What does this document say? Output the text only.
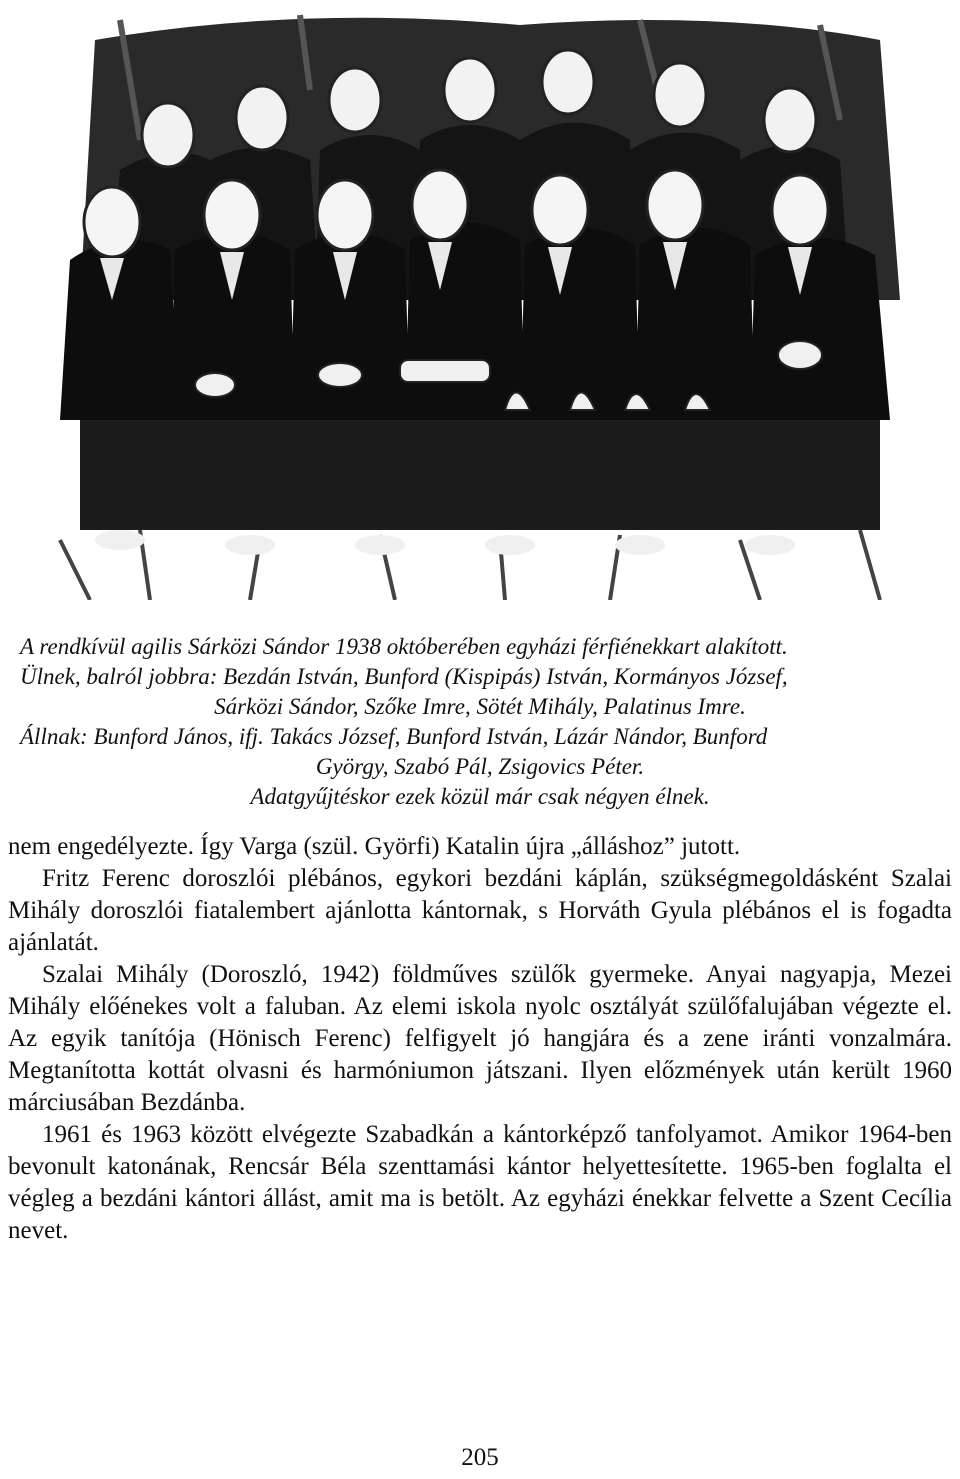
A rendkívül agilis Sárközi Sándor 1938 októberében egyházi férfiénekkart alakított.
Ülnek, balról jobbra: Bezdán István, Bunford (Kispipás) István, Kormányos József,
Sárközi Sándor, Szőke Imre, Sötét Mihály, Palatinus Imre.
Állnak: Bunford János, ifj. Takács József, Bunford István, Lázár Nándor, Bunford
György, Szabó Pál, Zsigovics Péter.
Adatgyűjtéskor ezek közül már csak négyen élnek.

nem engedélyezte. Így Varga (szül. Györfi) Katalin újra „álláshoz” jutott.

Fritz Ferenc doroszlói plébános, egykori bezdáni káplán, szükségmegoldásként Szalai Mihály doroszlói fiatalembert ajánlotta kántornak, s Horváth Gyula plébános el is fogadta ajánlatát.

Szalai Mihály (Doroszló, 1942) földműves szülők gyermeke. Anyai nagyapja, Mezei Mihály előénekes volt a faluban. Az elemi iskola nyolc osztályát szülőfalujában végezte el. Az egyik tanítója (Hönisch Ferenc) felfigyelt jó hangjára és a zene iránti vonzalmára. Megtanította kottát olvasni és harmóniumon játszani. Ilyen előzmények után került 1960 márciusában Bezdánba.

1961 és 1963 között elvégezte Szabadkán a kántorképző tanfolyamot. Amikor 1964-ben bevonult katonának, Rencsár Béla szenttamási kántor helyettesítette. 1965-ben foglalta el végleg a bezdáni kántori állást, amit ma is betölt. Az egyházi énekkar felvette a Szent Cecília nevet.

205
